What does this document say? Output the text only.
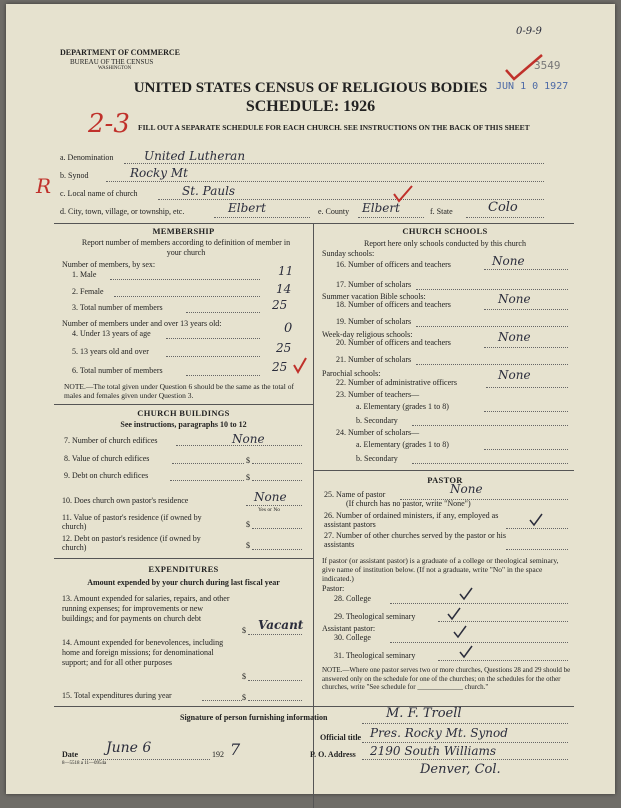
0-9-9
3549
JUN 1 0 1927
DEPARTMENT OF COMMERCE
BUREAU OF THE CENSUS
WASHINGTON
UNITED STATES CENSUS OF RELIGIOUS BODIES
SCHEDULE: 1926
FILL OUT A SEPARATE SCHEDULE FOR EACH CHURCH. SEE INSTRUCTIONS ON THE BACK OF THIS SHEET
2-3
R
a. Denomination	United Lutheran
b. Synod	Rocky Mt
c. Local name of church	St. Pauls
d. City, town, village, or township, etc.	Elbert	e. County Elbert	f. State	Colo
MEMBERSHIP
Report number of members according to definition of member in your church
Number of members, by sex:
1. Male	11
2. Female	14
3. Total number of members	25
Number of members under and over 13 years old:
4. Under 13 years of age	0
5. 13 years old and over	25
6. Total number of members	25
NOTE.—The total given under Question 6 should be the same as the total of males and females given under Question 3.
CHURCH BUILDINGS
See instructions, paragraphs 10 to 12
7. Number of church edifices	None
8. Value of church edifices	$
9. Debt on church edifices	$
10. Does church own pastor's residence	None
Yes or No
11. Value of pastor's residence (if owned by church)	$
12. Debt on pastor's residence (if owned by church)	$
EXPENDITURES
Amount expended by your church during last fiscal year
13. Amount expended for salaries, repairs, and other running expenses; for improvements or new buildings; and for payments on church debt
$ Vacant
14. Amount expended for benevolences, including home and foreign missions; for denominational support; and for all other purposes
$
15. Total expenditures during year	$
CHURCH SCHOOLS
Report here only schools conducted by this church
Sunday schools:
16. Number of officers and teachers	None
17. Number of scholars
Summer vacation Bible schools:
18. Number of officers and teachers	None
19. Number of scholars
Week-day religious schools:
20. Number of officers and teachers	None
21. Number of scholars
Parochial schools:
22. Number of administrative officers
None
23. Number of teachers—
a. Elementary (grades 1 to 8)
b. Secondary
24. Number of scholars—
a. Elementary (grades 1 to 8)
b. Secondary
PASTOR
25. Name of pastor	None
(If church has no pastor, write "None")
26. Number of ordained ministers, if any, employed as assistant pastors
27. Number of other churches served by the pastor or his assistants
If pastor (or assistant pastor) is a graduate of a college or theological seminary, give name of institution below. (If not a graduate, write "No" in the space indicated.)
Pastor:
28. College
29. Theological seminary
Assistant pastor:
30. College
31. Theological seminary
NOTE.—Where one pastor serves two or more churches, Questions 28 and 29 should be answered only on the schedule for one of the churches; on the schedules for the other churches, write "See schedule for _____________ church."
Signature of person furnishing information	M. F. Troell
Official title Pres. Rocky Mt. Synod
Date June 6	192 7
8—5518 a 11—0954a
P. O. Address 2190 South Williams
Denver, Col.
